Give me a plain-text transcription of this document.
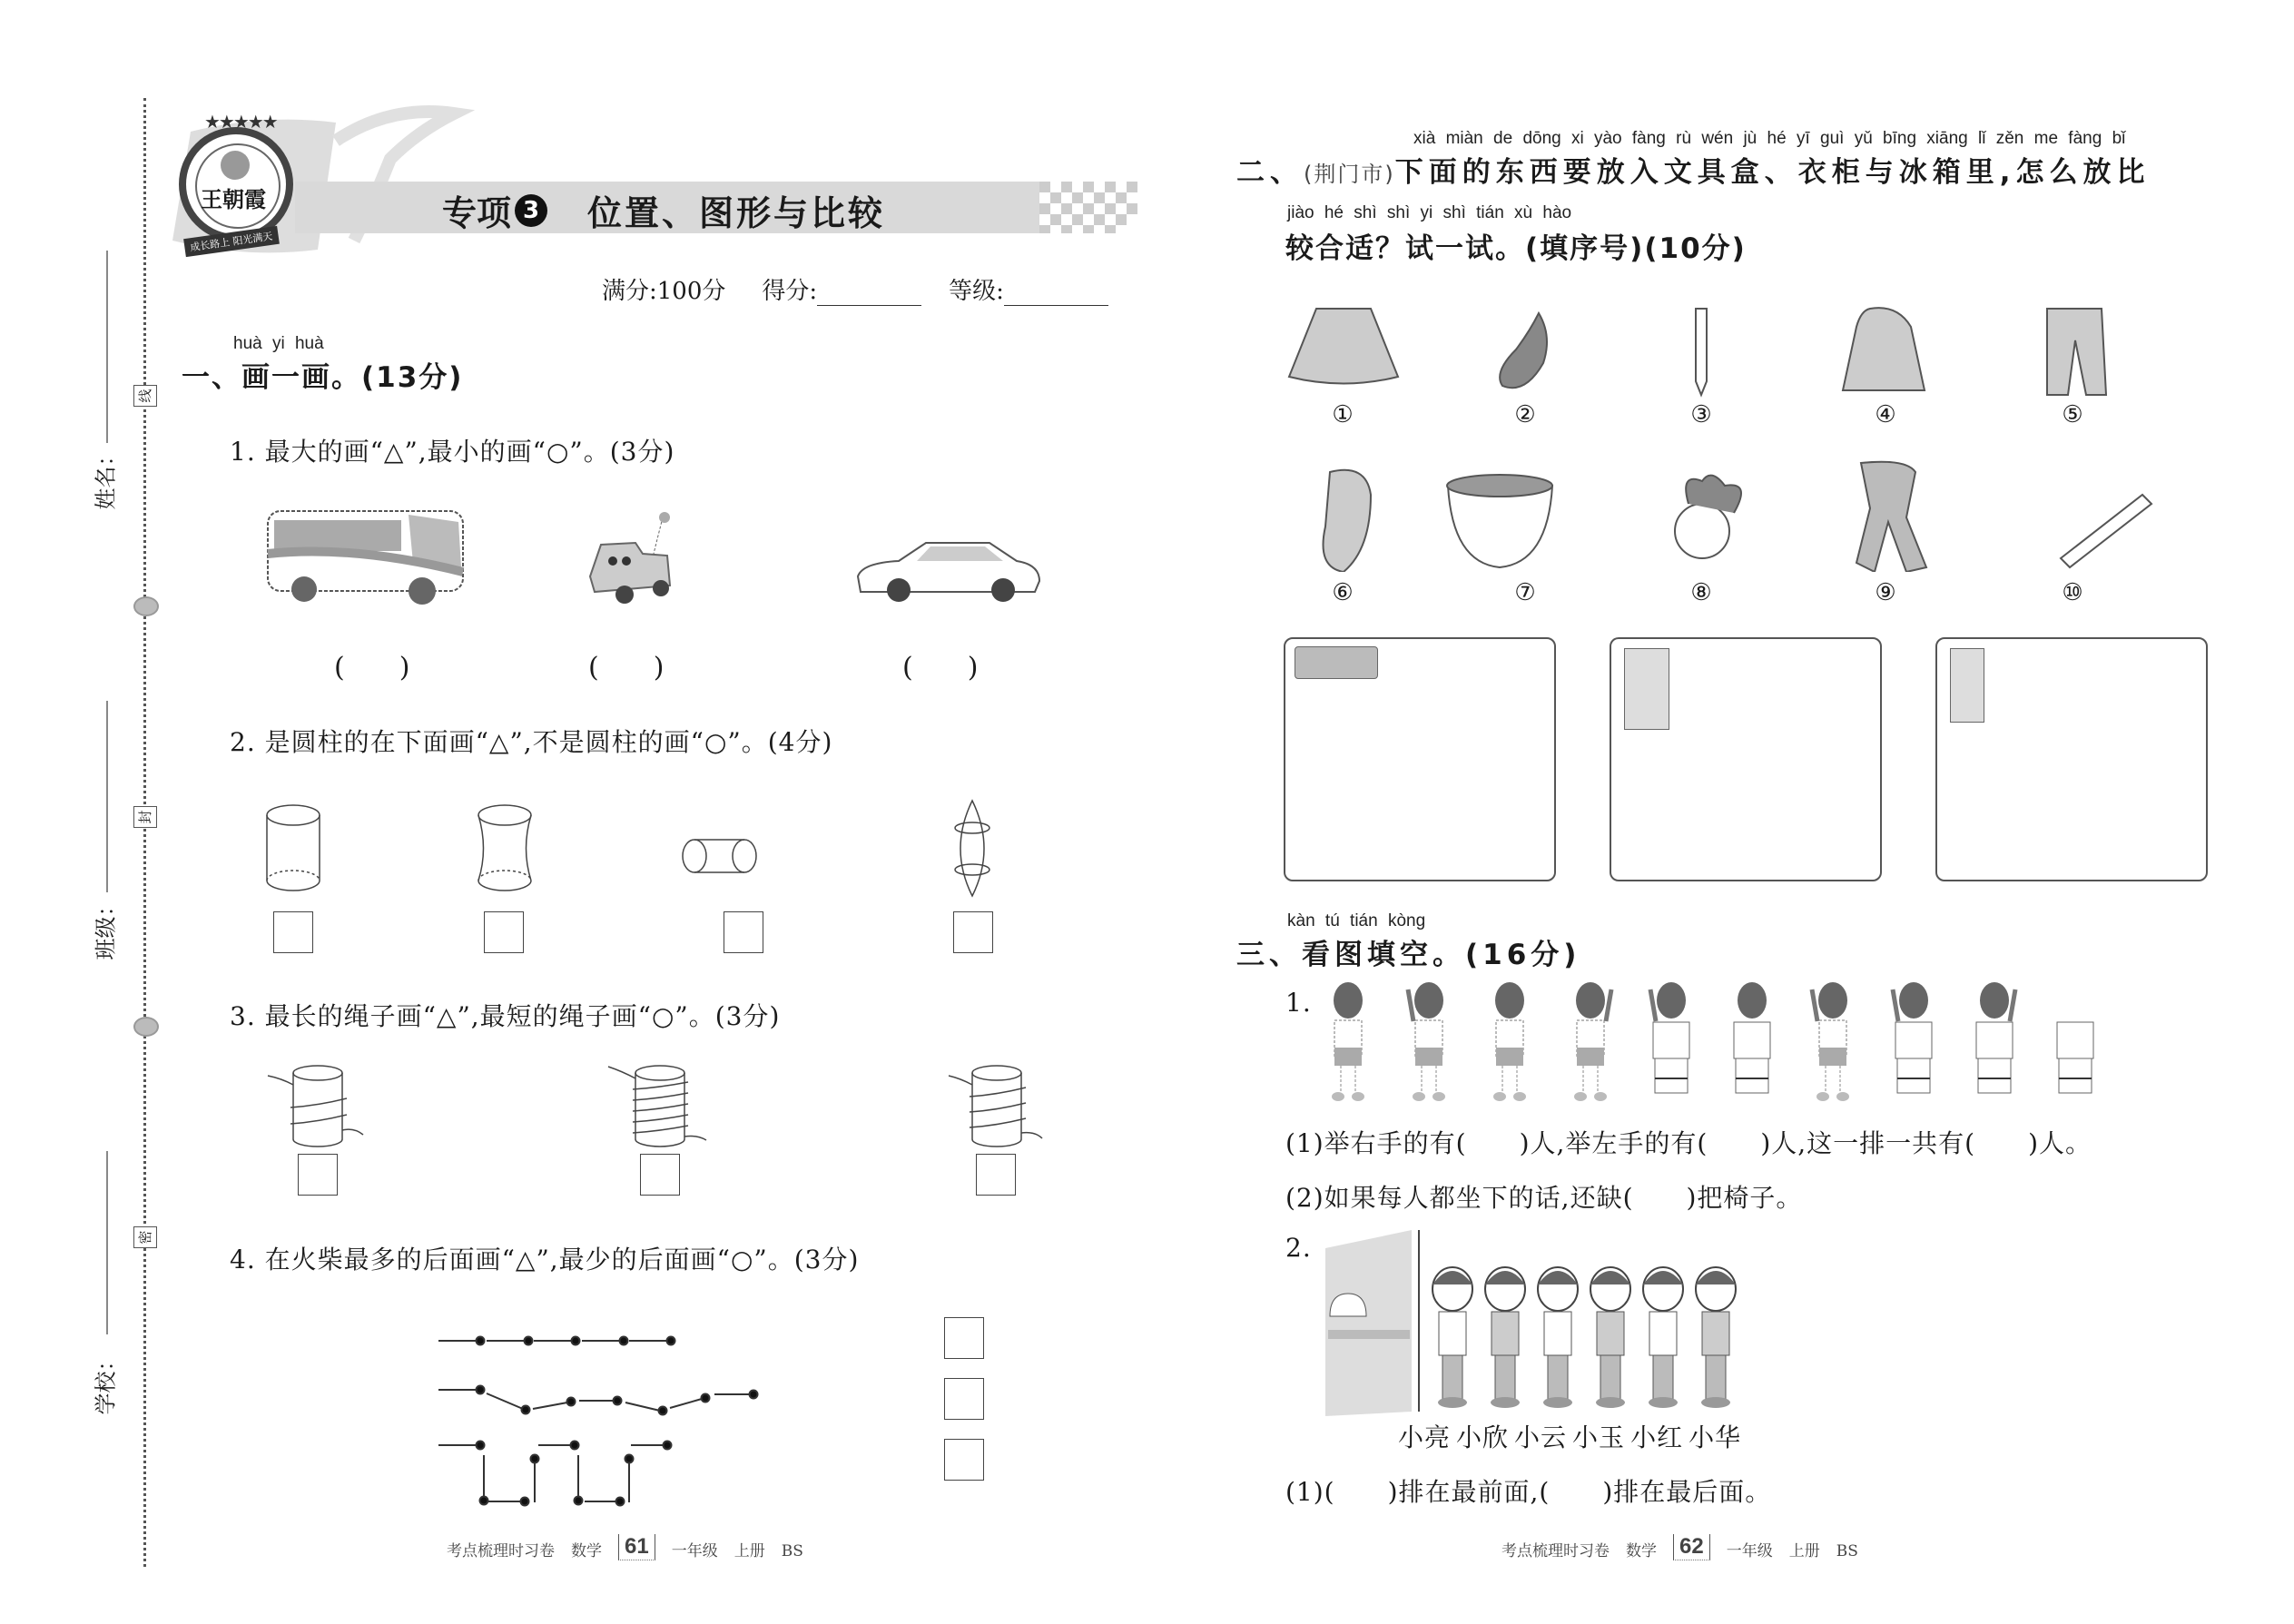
姓名：
班级：
学校：
线
封
密
王朝霞
成长路上 阳光满天
★★★★★
专项 3 位置、图形与比较
满分:100分 得分:	等级:
huà yi huà
一、画一画。(13分)
1. 最大的画“△”,最小的画“○”。(3分)
(　　)	(　　)	(　　)
2. 是圆柱的在下面画“△”,不是圆柱的画“○”。(4分)
3. 最长的绳子画“△”,最短的绳子画“○”。(3分)
4. 在火柴最多的后面画“△”,最少的后面画“○”。(3分)
考点梳理时习卷 数学 61	一年级 上册 BS
xià miàn de dōng xi yào fàng rù wén jù hé yī guì yǔ bīng xiāng lǐ zěn me fàng bǐ
二、(荆门市)下面的东西要放入文具盒、衣柜与冰箱里,怎么放比
jiào hé shì shì yi shì tián xù hào
较合适？试一试。(填序号)(10分)
①	②	③	④	⑤
⑥	⑦	⑧	⑨	⑩
kàn tú tián kòng
三、看图填空。(16分)
1.
(1)举右手的有(　　)人,举左手的有(　　)人,这一排一共有(　　)人。
(2)如果每人都坐下的话,还缺(　　)把椅子。
2.
小亮 小欣 小云 小玉 小红 小华
(1)(　　)排在最前面,(　　)排在最后面。
考点梳理时习卷 数学 62	一年级 上册 BS
